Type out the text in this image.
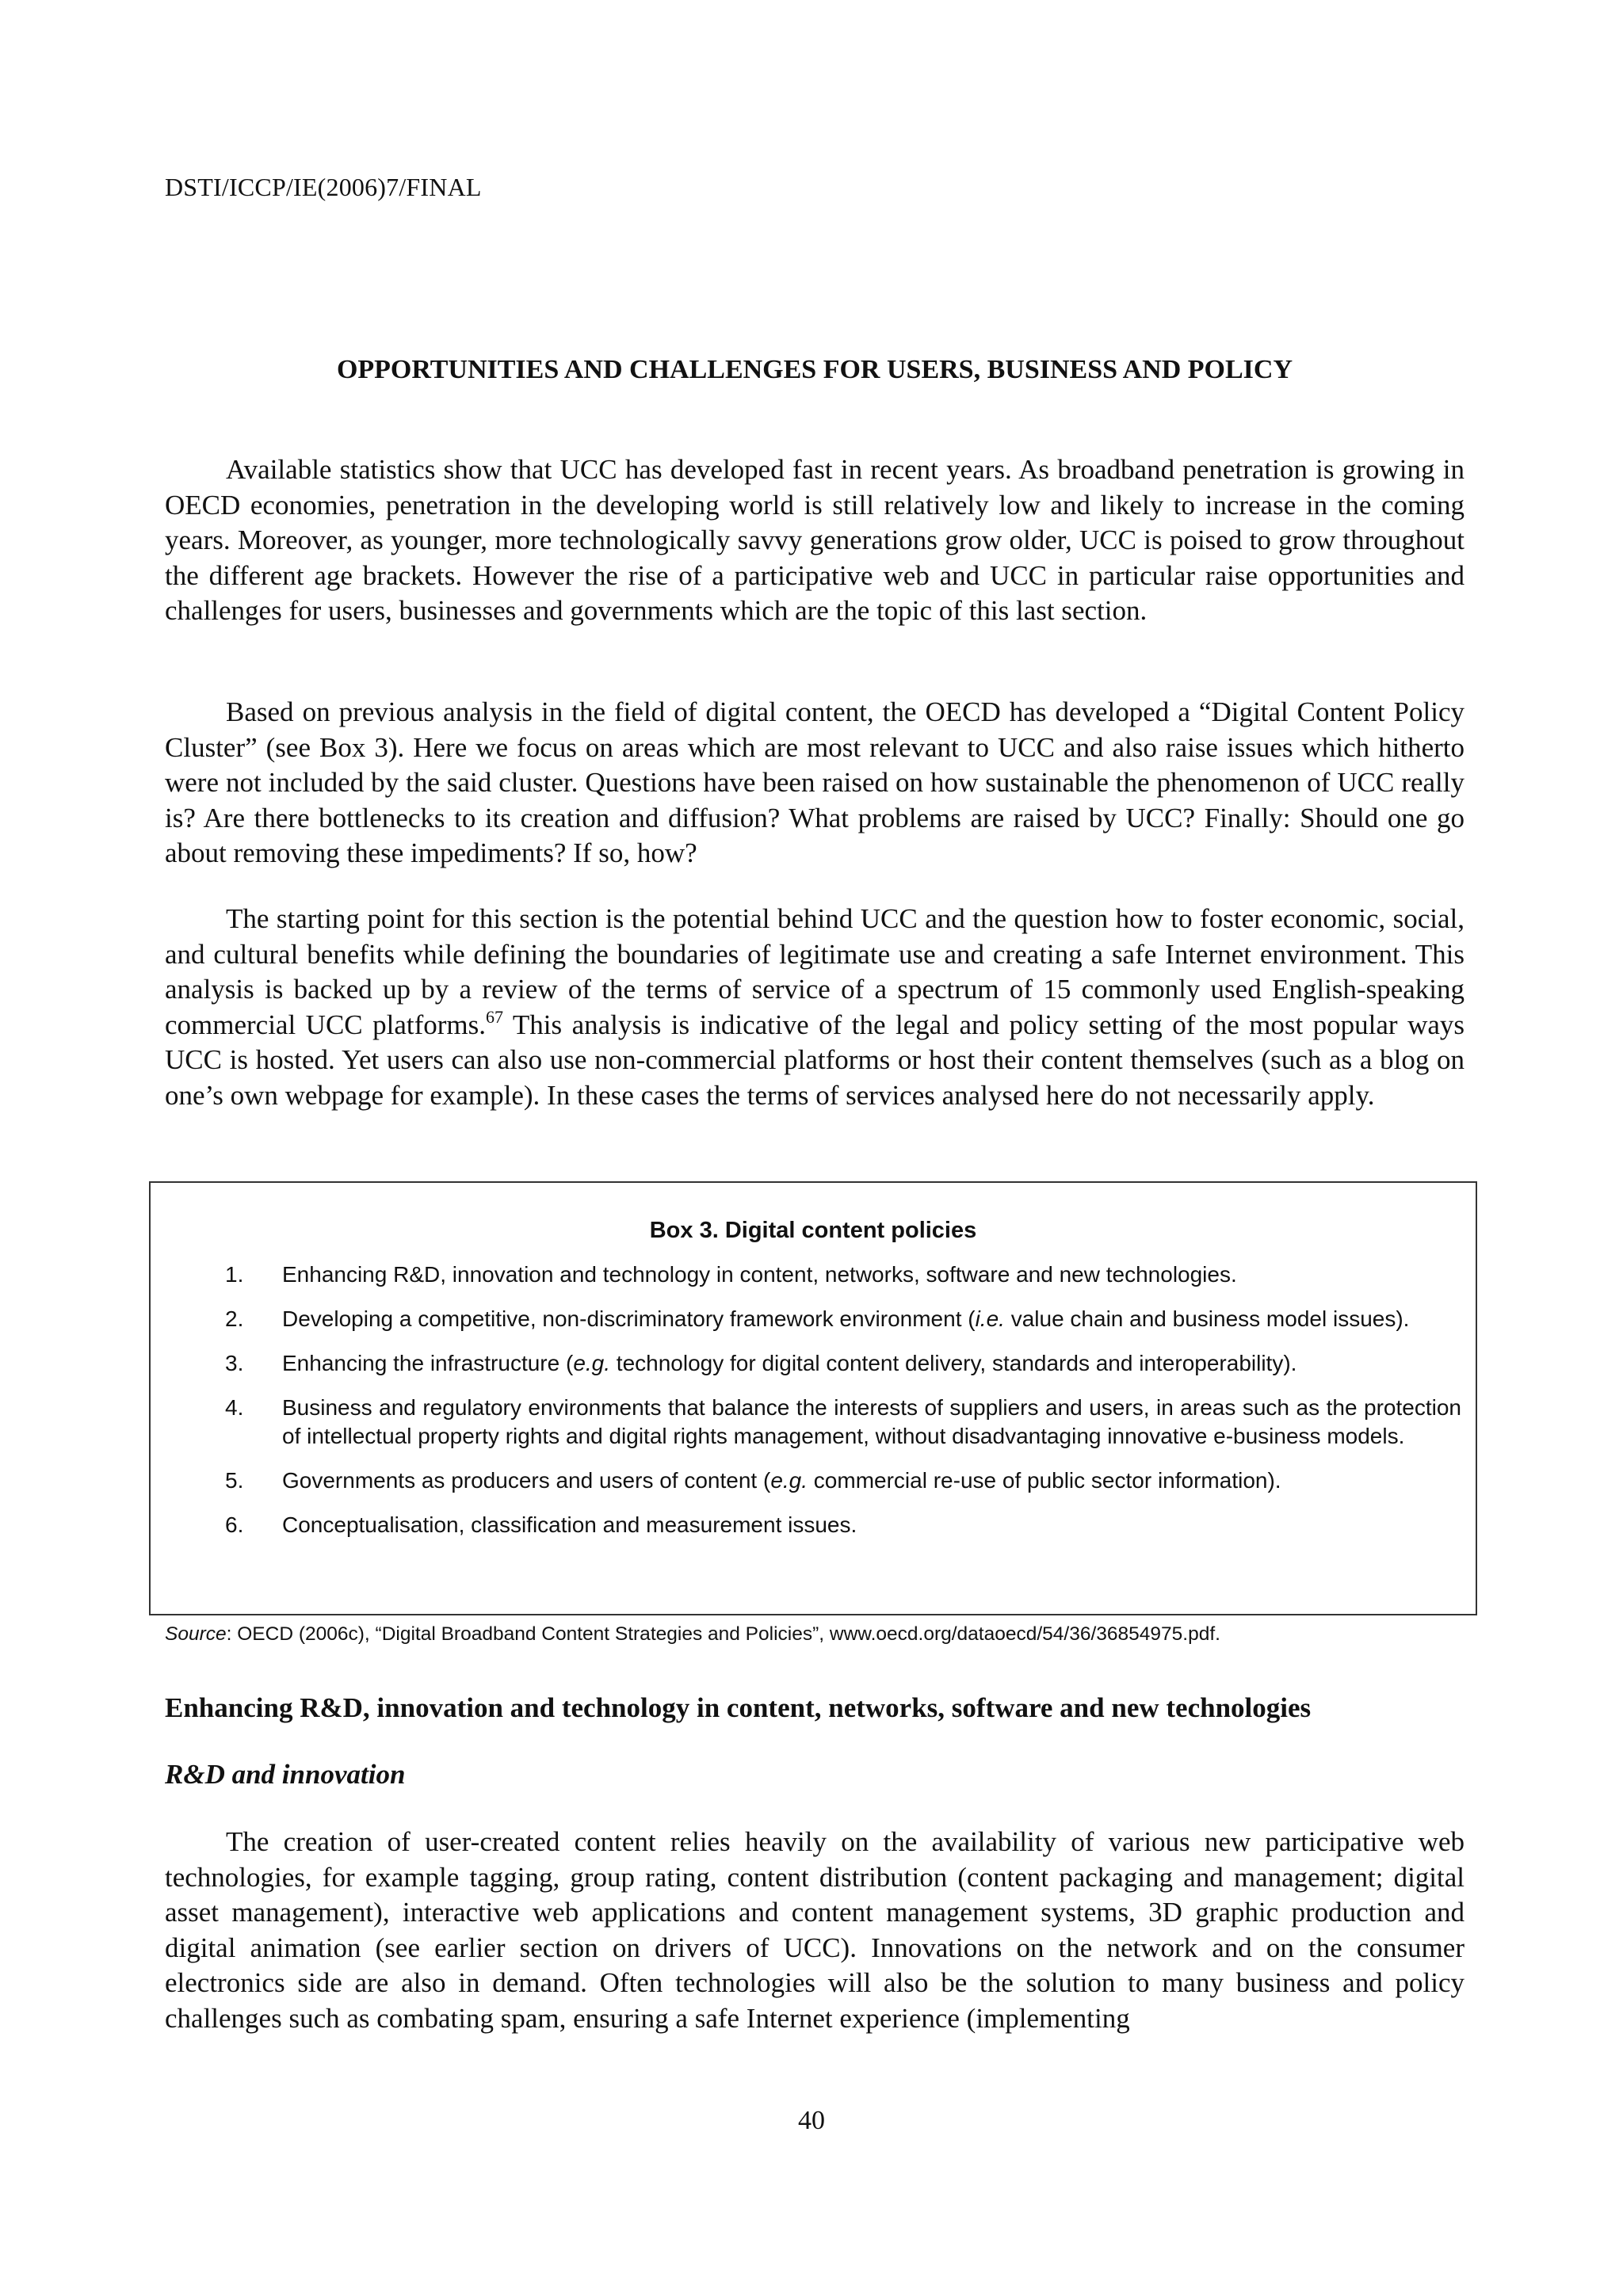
DSTI/ICCP/IE(2006)7/FINAL
OPPORTUNITIES AND CHALLENGES FOR USERS, BUSINESS AND POLICY

Available statistics show that UCC has developed fast in recent years. As broadband penetration is growing in OECD economies, penetration in the developing world is still relatively low and likely to increase in the coming years. Moreover, as younger, more technologically savvy generations grow older, UCC is poised to grow throughout the different age brackets. However the rise of a participative web and UCC in particular raise opportunities and challenges for users, businesses and governments which are the topic of this last section.

Based on previous analysis in the field of digital content, the OECD has developed a “Digital Content Policy Cluster” (see Box 3). Here we focus on areas which are most relevant to UCC and also raise issues which hitherto were not included by the said cluster. Questions have been raised on how sustainable the phenomenon of UCC really is? Are there bottlenecks to its creation and diffusion? What problems are raised by UCC? Finally: Should one go about removing these impediments? If so, how?

The starting point for this section is the potential behind UCC and the question how to foster economic, social, and cultural benefits while defining the boundaries of legitimate use and creating a safe Internet environment. This analysis is backed up by a review of the terms of service of a spectrum of 15 commonly used English-speaking commercial UCC platforms.$^{67}$ This analysis is indicative of the legal and policy setting of the most popular ways UCC is hosted. Yet users can also use non-commercial platforms or host their content themselves (such as a blog on one’s own webpage for example). In these cases the terms of services analysed here do not necessarily apply.

Box 3. Digital content policies
1. Enhancing R&D, innovation and technology in content, networks, software and new technologies.
2. Developing a competitive, non-discriminatory framework environment (i.e. value chain and business model issues).
3. Enhancing the infrastructure (e.g. technology for digital content delivery, standards and interoperability).
4. Business and regulatory environments that balance the interests of suppliers and users, in areas such as the protection of intellectual property rights and digital rights management, without disadvantaging innovative e-business models.
5. Governments as producers and users of content (e.g. commercial re-use of public sector information).
6. Conceptualisation, classification and measurement issues.
Source: OECD (2006c), “Digital Broadband Content Strategies and Policies”, www.oecd.org/dataoecd/54/36/36854975.pdf.
Enhancing R&D, innovation and technology in content, networks, software and new technologies
R&D and innovation

The creation of user-created content relies heavily on the availability of various new participative web technologies, for example tagging, group rating, content distribution (content packaging and management; digital asset management), interactive web applications and content management systems, 3D graphic production and digital animation (see earlier section on drivers of UCC). Innovations on the network and on the consumer electronics side are also in demand. Often technologies will also be the solution to many business and policy challenges such as combating spam, ensuring a safe Internet experience (implementing

40
